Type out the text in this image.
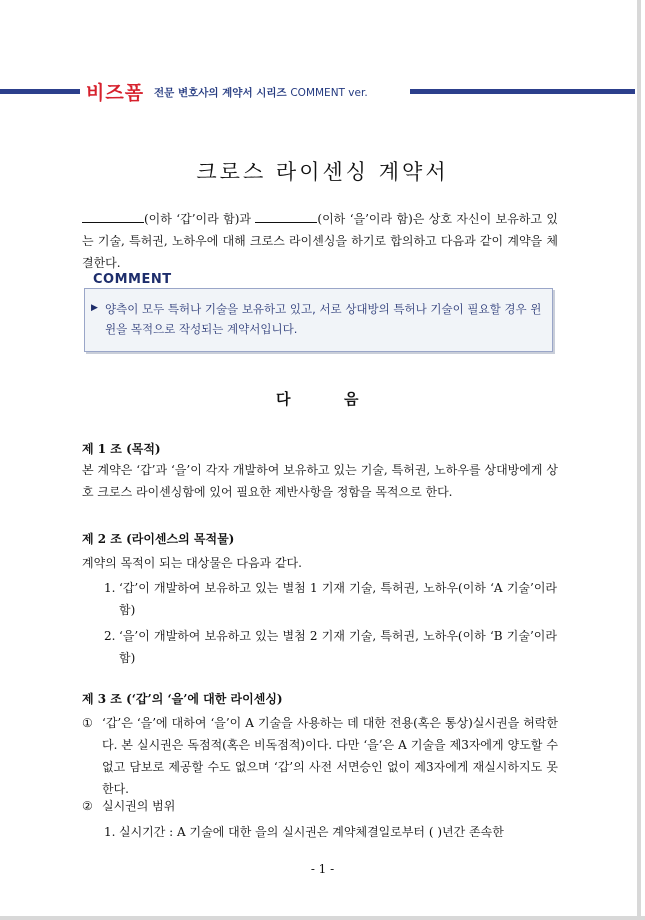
비즈폼 전문 변호사의 계약서 시리즈 COMMENT ver.
크로스 라이센싱 계약서
(이하 ‘갑’이라 함)과	(이하 ‘을’이라 함)은 상호 자신이 보유하고 있는 기술, 특허권, 노하우에 대해 크로스 라이센싱을 하기로 합의하고 다음과 같이 계약을 체결한다.
COMMENT
▶ 양측이 모두 특허나 기술을 보유하고 있고, 서로 상대방의 특허나 기술이 필요할 경우 윈윈을 목적으로 작성되는 계약서입니다.
다	음
제 1 조 (목적)
본 계약은 ‘갑’과 ‘을’이 각자 개발하여 보유하고 있는 기술, 특허권, 노하우를 상대방에게 상호 크로스 라이센싱함에 있어 필요한 제반사항을 정함을 목적으로 한다.
제 2 조 (라이센스의 목적물)
계약의 목적이 되는 대상물은 다음과 같다.
1. ‘갑’이 개발하여 보유하고 있는 별첨 1 기재 기술, 특허권, 노하우(이하 ‘A 기술’이라 함)
2. ‘을’이 개발하여 보유하고 있는 별첨 2 기재 기술, 특허권, 노하우(이하 ‘B 기술’이라 함)
제 3 조 (‘갑’의 ‘을’에 대한 라이센싱)
① ‘갑’은 ‘을’에 대하여 ‘을’이 A 기술을 사용하는 데 대한 전용(혹은 통상)실시권을 허락한다. 본 실시권은 독점적(혹은 비독점적)이다. 다만 ‘을’은 A 기술을 제3자에게 양도할 수 없고 담보로 제공할 수도 없으며 ‘갑’의 사전 서면승인 없이 제3자에게 재실시하지도 못한다.
② 실시권의 범위
1. 실시기간 : A 기술에 대한 을의 실시권은 계약체결일로부터 ( )년간 존속한
- 1 -
